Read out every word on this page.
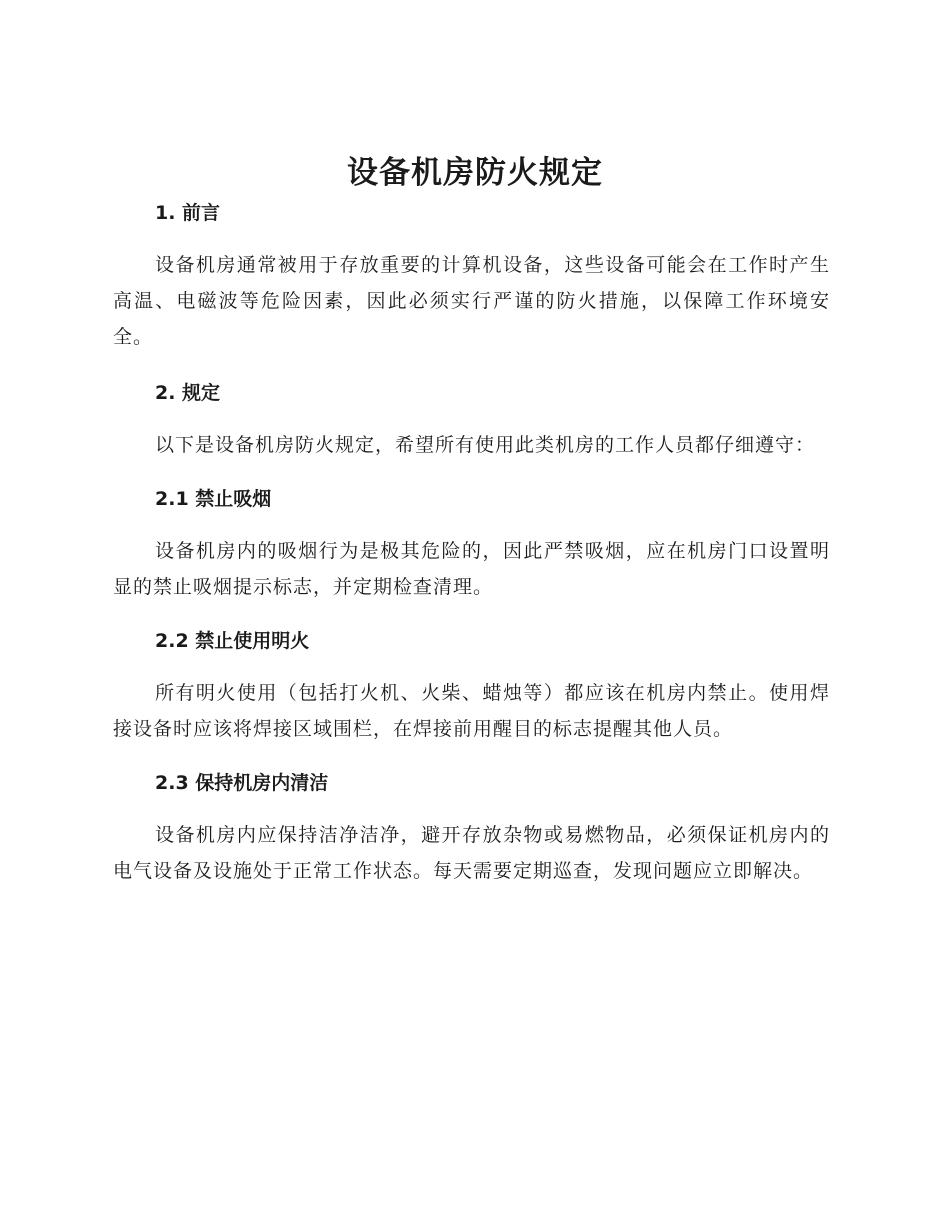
设备机房防火规定
1. 前言

设备机房通常被用于存放重要的计算机设备，这些设备可能会在工作时产生高温、电磁波等危险因素，因此必须实行严谨的防火措施，以保障工作环境安全。

2. 规定

以下是设备机房防火规定，希望所有使用此类机房的工作人员都仔细遵守：

2.1 禁止吸烟

设备机房内的吸烟行为是极其危险的，因此严禁吸烟，应在机房门口设置明显的禁止吸烟提示标志，并定期检查清理。

2.2 禁止使用明火

所有明火使用（包括打火机、火柴、蜡烛等）都应该在机房内禁止。使用焊接设备时应该将焊接区域围栏，在焊接前用醒目的标志提醒其他人员。

2.3 保持机房内清洁

设备机房内应保持洁净洁净，避开存放杂物或易燃物品，必须保证机房内的电气设备及设施处于正常工作状态。每天需要定期巡查，发现问题应立即解决。
